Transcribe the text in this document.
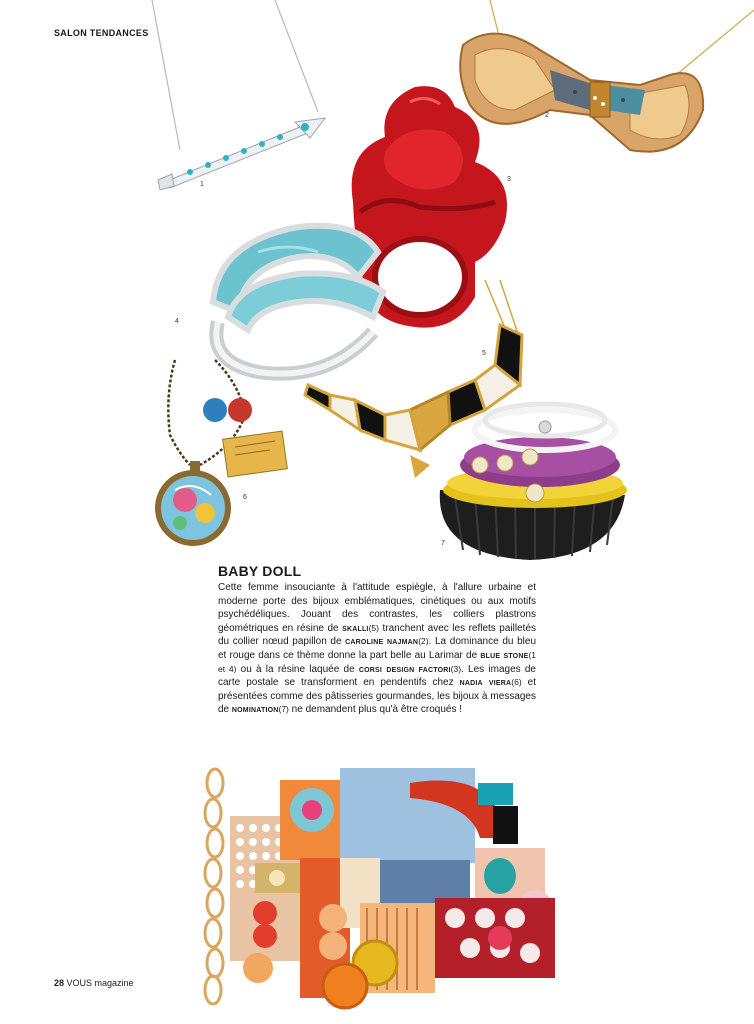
SALON TENDANCES
1
2
3
4
5
6
7
BABY DOLL

Cette femme insouciante à l'attitude espiègle, à l'allure urbaine et moderne porte des bijoux emblématiques, cinétiques ou aux motifs psychédéliques. Jouant des contrastes, les colliers plastrons géométriques en résine de skalli(5) tranchent avec les reflets pailletés du collier nœud papillon de caroline najman(2). La dominance du bleu et rouge dans ce thème donne la part belle au Larimar de blue stone(1 et 4) ou à la résine laquée de corsi design factori(3). Les images de carte postale se transforment en pendentifs chez nadia viera(6) et présentées comme des pâtisseries gourmandes, les bijoux à messages de nomination(7) ne demandent plus qu'à être croqués !

28 VOUS magazine
